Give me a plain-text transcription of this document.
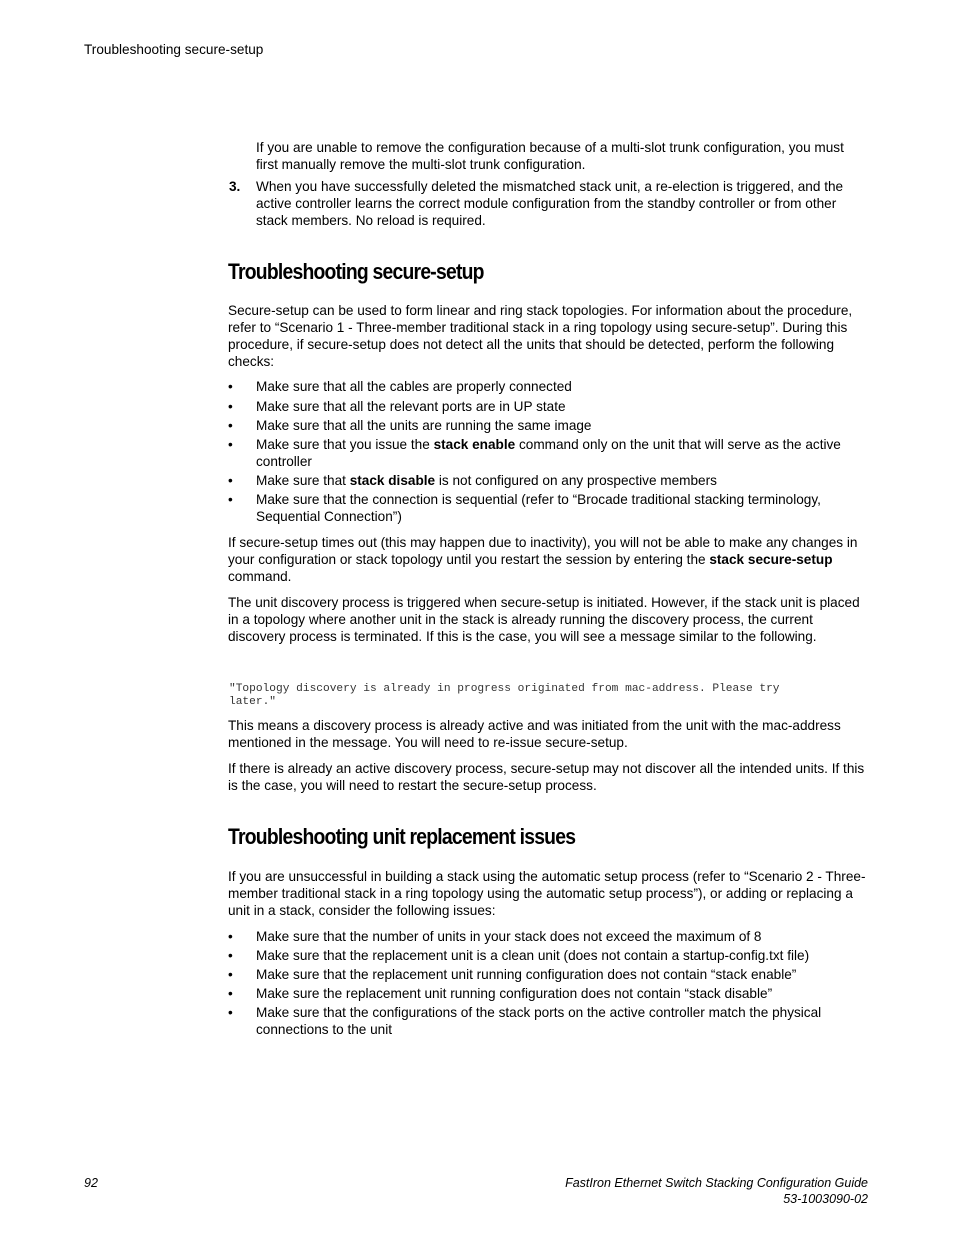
Troubleshooting secure-setup

If you are unable to remove the configuration because of a multi-slot trunk configuration, you must first manually remove the multi-slot trunk configuration.

3. When you have successfully deleted the mismatched stack unit, a re-election is triggered, and the active controller learns the correct module configuration from the standby controller or from other stack members. No reload is required.

Troubleshooting secure-setup

Secure-setup can be used to form linear and ring stack topologies. For information about the procedure, refer to “Scenario 1 - Three-member traditional stack in a ring topology using secure-setup”. During this procedure, if secure-setup does not detect all the units that should be detected, perform the following checks:

• Make sure that all the cables are properly connected
• Make sure that all the relevant ports are in UP state
• Make sure that all the units are running the same image
• Make sure that you issue the stack enable command only on the unit that will serve as the active controller
• Make sure that stack disable is not configured on any prospective members
• Make sure that the connection is sequential (refer to “Brocade traditional stacking terminology, Sequential Connection”)

If secure-setup times out (this may happen due to inactivity), you will not be able to make any changes in your configuration or stack topology until you restart the session by entering the stack secure-setup command.

The unit discovery process is triggered when secure-setup is initiated. However, if the stack unit is placed in a topology where another unit in the stack is already running the discovery process, the current discovery process is terminated. If this is the case, you will see a message similar to the following.

"Topology discovery is already in progress originated from mac-address. Please try
later."

This means a discovery process is already active and was initiated from the unit with the mac-address mentioned in the message. You will need to re-issue secure-setup.

If there is already an active discovery process, secure-setup may not discover all the intended units. If this is the case, you will need to restart the secure-setup process.

Troubleshooting unit replacement issues

If you are unsuccessful in building a stack using the automatic setup process (refer to “Scenario 2 - Three-member traditional stack in a ring topology using the automatic setup process”), or adding or replacing a unit in a stack, consider the following issues:

• Make sure that the number of units in your stack does not exceed the maximum of 8
• Make sure that the replacement unit is a clean unit (does not contain a startup-config.txt file)
• Make sure that the replacement unit running configuration does not contain “stack enable”
• Make sure the replacement unit running configuration does not contain “stack disable”
• Make sure that the configurations of the stack ports on the active controller match the physical connections to the unit
92	FastIron Ethernet Switch Stacking Configuration Guide
53-1003090-02
